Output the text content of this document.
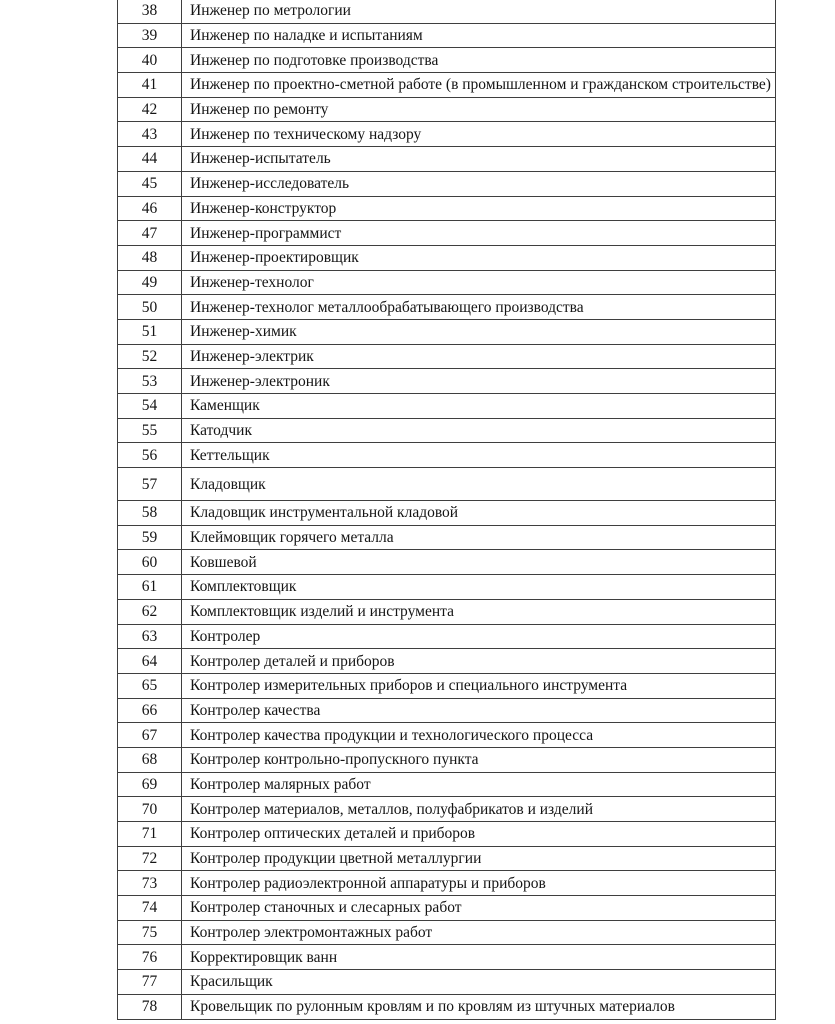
38	Инженер по метрологии
39	Инженер по наладке и испытаниям
40	Инженер по подготовке производства
41	Инженер по проектно-сметной работе (в промышленном и гражданском строительстве)
42	Инженер по ремонту
43	Инженер по техническому надзору
44	Инженер-испытатель
45	Инженер-исследователь
46	Инженер-конструктор
47	Инженер-программист
48	Инженер-проектировщик
49	Инженер-технолог
50	Инженер-технолог металлообрабатывающего производства
51	Инженер-химик
52	Инженер-электрик
53	Инженер-электроник
54	Каменщик
55	Катодчик
56	Кеттельщик
57	Кладовщик
58	Кладовщик инструментальной кладовой
59	Клеймовщик горячего металла
60	Ковшевой
61	Комплектовщик
62	Комплектовщик изделий и инструмента
63	Контролер
64	Контролер деталей и приборов
65	Контролер измерительных приборов и специального инструмента
66	Контролер качества
67	Контролер качества продукции и технологического процесса
68	Контролер контрольно-пропускного пункта
69	Контролер малярных работ
70	Контролер материалов, металлов, полуфабрикатов и изделий
71	Контролер оптических деталей и приборов
72	Контролер продукции цветной металлургии
73	Контролер радиоэлектронной аппаратуры и приборов
74	Контролер станочных и слесарных работ
75	Контролер электромонтажных работ
76	Корректировщик ванн
77	Красильщик
78	Кровельщик по рулонным кровлям и по кровлям из штучных материалов
